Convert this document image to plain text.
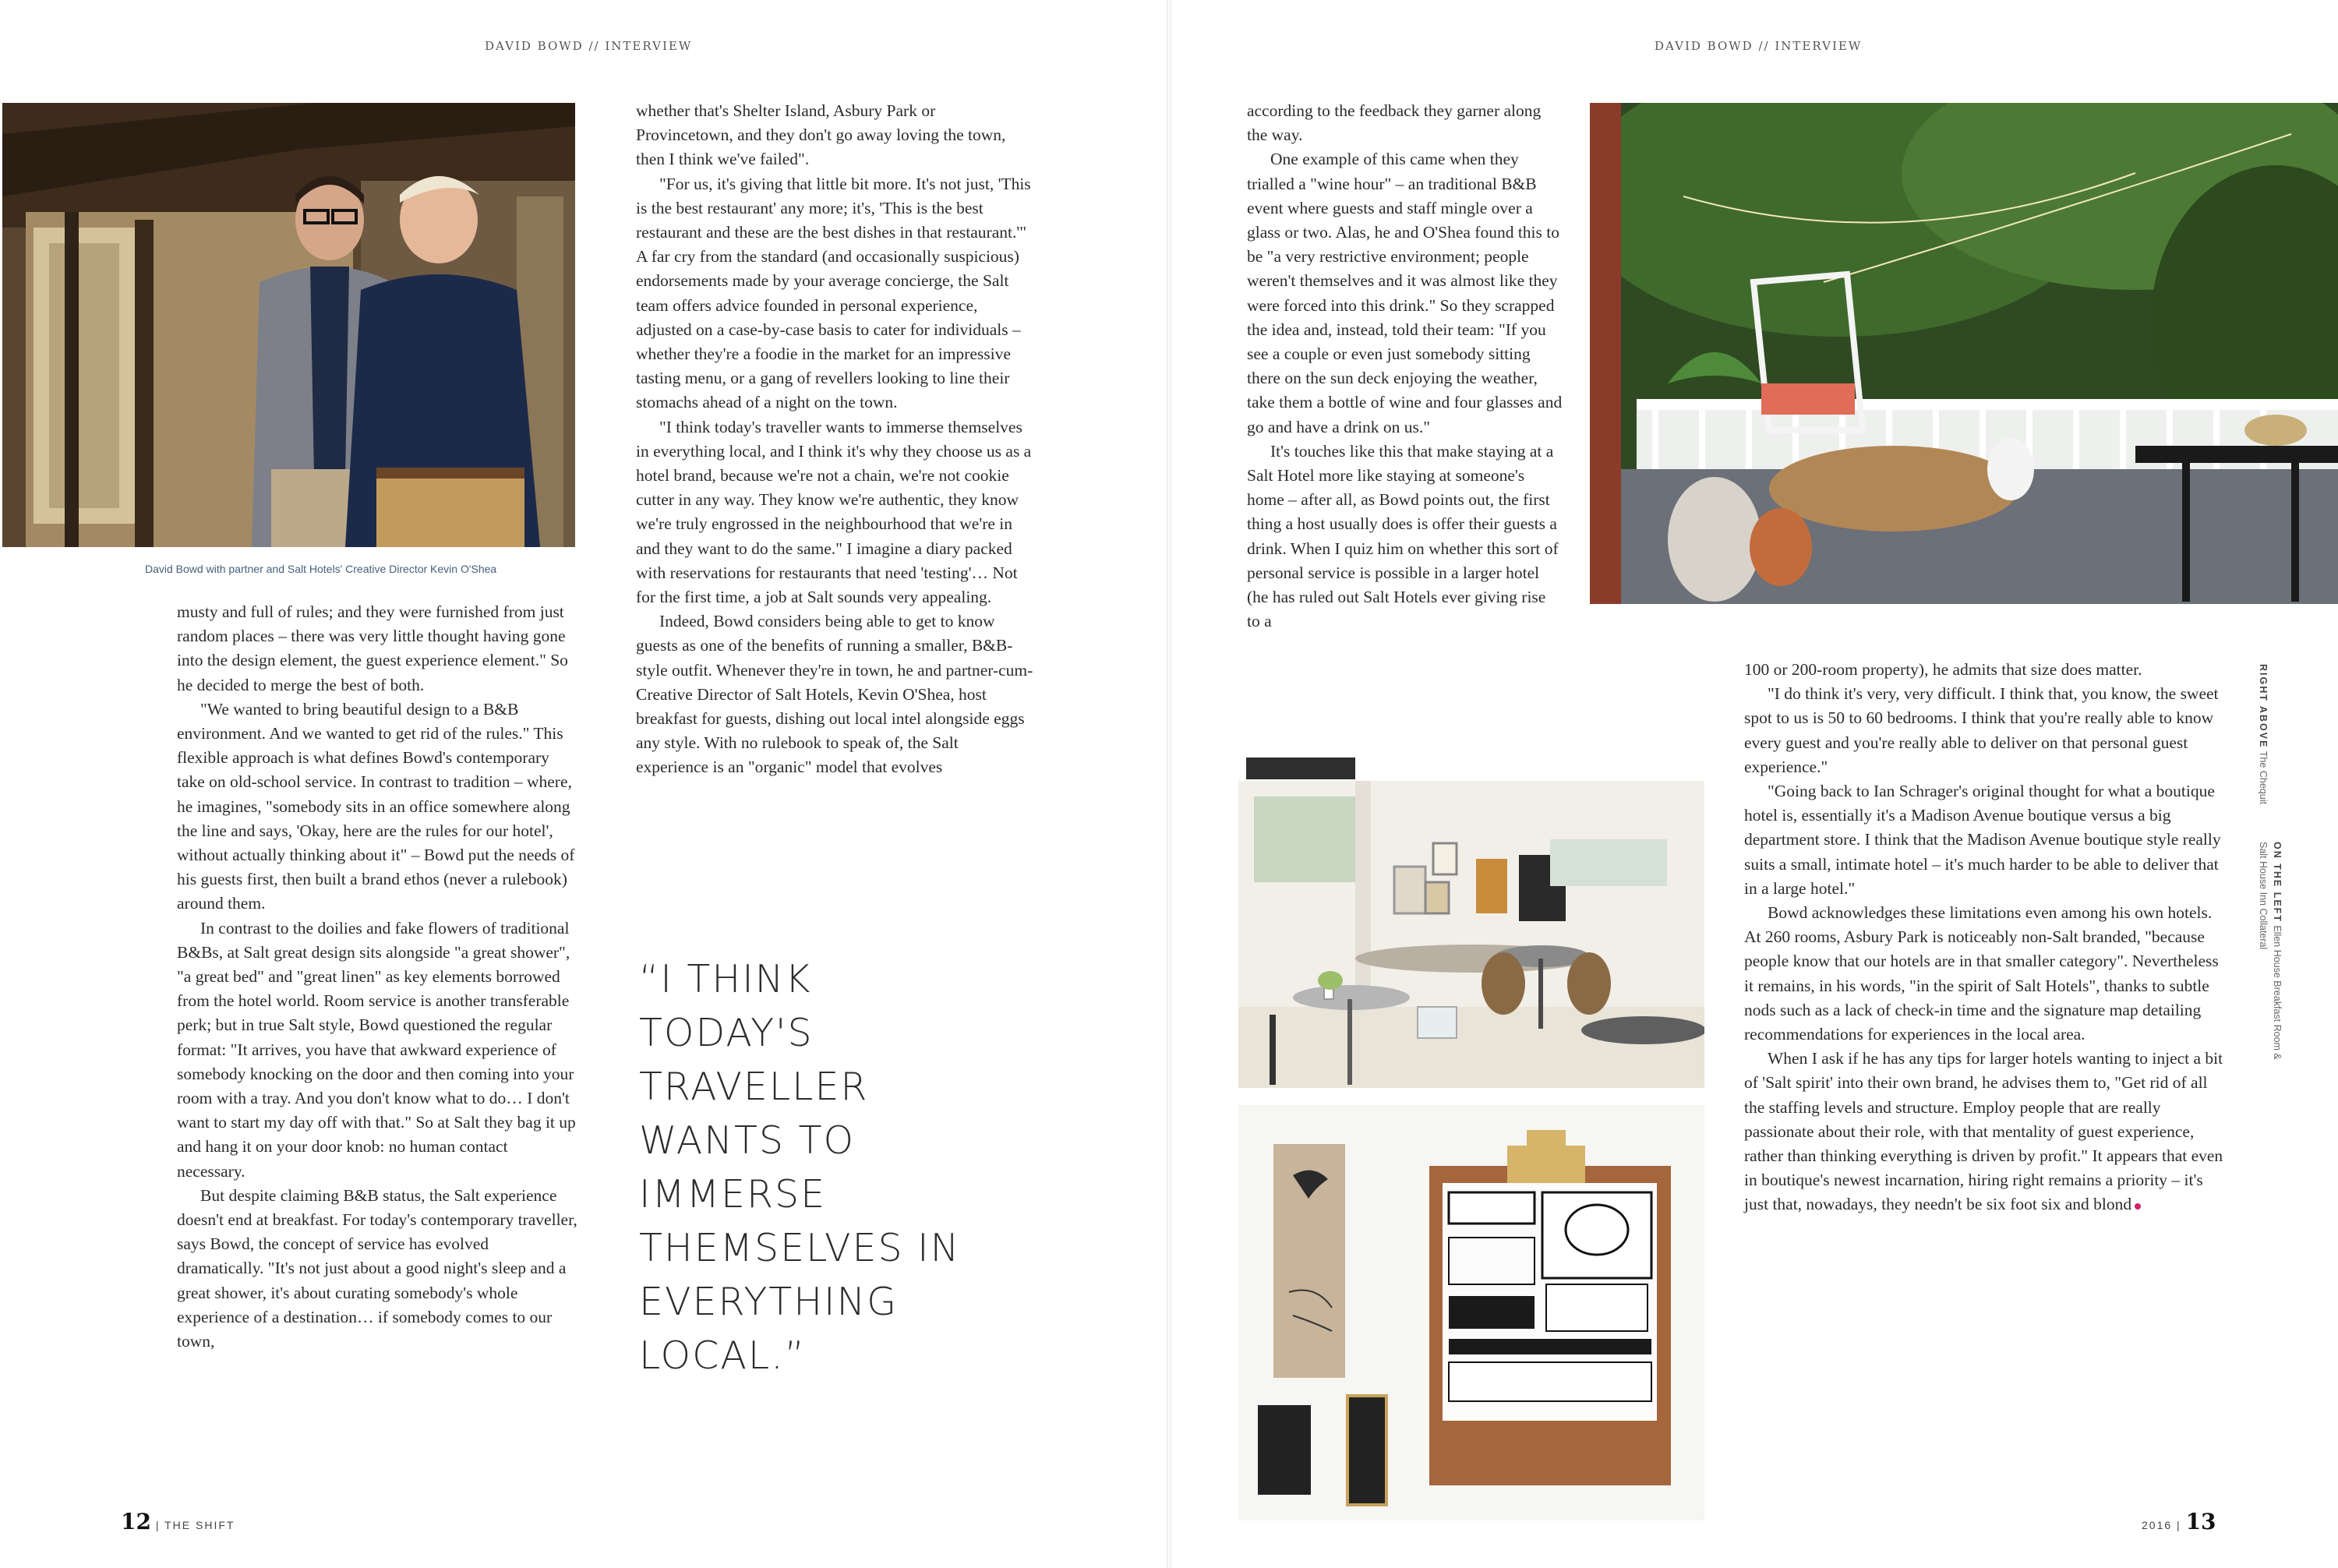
DAVID BOWD // INTERVIEW	DAVID BOWD // INTERVIEW
David Bowd with partner and Salt Hotels' Creative Director Kevin O'Shea

musty and full of rules; and they were furnished from just random places – there was very little thought having gone into the design element, the guest experience element." So he decided to merge the best of both.

"We wanted to bring beautiful design to a B&B environment. And we wanted to get rid of the rules." This flexible approach is what defines Bowd's contemporary take on old-school service. In contrast to tradition – where, he imagines, "somebody sits in an office somewhere along the line and says, 'Okay, here are the rules for our hotel', without actually thinking about it" – Bowd put the needs of his guests first, then built a brand ethos (never a rulebook) around them.

In contrast to the doilies and fake flowers of traditional B&Bs, at Salt great design sits alongside "a great shower", "a great bed" and "great linen" as key elements borrowed from the hotel world. Room service is another transferable perk; but in true Salt style, Bowd questioned the regular format: "It arrives, you have that awkward experience of somebody knocking on the door and then coming into your room with a tray. And you don't know what to do… I don't want to start my day off with that." So at Salt they bag it up and hang it on your door knob: no human contact necessary.

But despite claiming B&B status, the Salt experience doesn't end at breakfast. For today's contemporary traveller, says Bowd, the concept of service has evolved dramatically. "It's not just about a good night's sleep and a great shower, it's about curating somebody's whole experience of a destination… if somebody comes to our town,

whether that's Shelter Island, Asbury Park or Provincetown, and they don't go away loving the town, then I think we've failed".

"For us, it's giving that little bit more. It's not just, 'This is the best restaurant' any more; it's, 'This is the best restaurant and these are the best dishes in that restaurant.'" A far cry from the standard (and occasionally suspicious) endorsements made by your average concierge, the Salt team offers advice founded in personal experience, adjusted on a case-by-case basis to cater for individuals – whether they're a foodie in the market for an impressive tasting menu, or a gang of revellers looking to line their stomachs ahead of a night on the town.

"I think today's traveller wants to immerse themselves in everything local, and I think it's why they choose us as a hotel brand, because we're not a chain, we're not cookie cutter in any way. They know we're authentic, they know we're truly engrossed in the neighbourhood that we're in and they want to do the same." I imagine a diary packed with reservations for restaurants that need 'testing'… Not for the first time, a job at Salt sounds very appealing.

Indeed, Bowd considers being able to get to know guests as one of the benefits of running a smaller, B&B-style outfit. Whenever they're in town, he and partner-cum-Creative Director of Salt Hotels, Kevin O'Shea, host breakfast for guests, dishing out local intel alongside eggs any style. With no rulebook to speak of, the Salt experience is an "organic" model that evolves

“I THINK TODAY'S TRAVELLER WANTS TO IMMERSE THEMSELVES IN EVERYTHING LOCAL.”
12 | THE SHIFT

according to the feedback they garner along the way.

One example of this came when they trialled a "wine hour" – an traditional B&B event where guests and staff mingle over a glass or two. Alas, he and O'Shea found this to be "a very restrictive environment; people weren't themselves and it was almost like they were forced into this drink." So they scrapped the idea and, instead, told their team: "If you see a couple or even just somebody sitting there on the sun deck enjoying the weather, take them a bottle of wine and four glasses and go and have a drink on us."

It's touches like this that make staying at a Salt Hotel more like staying at someone's home – after all, as Bowd points out, the first thing a host usually does is offer their guests a drink. When I quiz him on whether this sort of personal service is possible in a larger hotel (he has ruled out Salt Hotels ever giving rise to a

100 or 200-room property), he admits that size does matter.

"I do think it's very, very difficult. I think that, you know, the sweet spot to us is 50 to 60 bedrooms. I think that you're really able to know every guest and you're really able to deliver on that personal guest experience."

"Going back to Ian Schrager's original thought for what a boutique hotel is, essentially it's a Madison Avenue boutique versus a big department store. I think that the Madison Avenue boutique style really suits a small, intimate hotel – it's much harder to be able to deliver that in a large hotel."

Bowd acknowledges these limitations even among his own hotels. At 260 rooms, Asbury Park is noticeably non-Salt branded, "because people know that our hotels are in that smaller category". Nevertheless it remains, in his words, "in the spirit of Salt Hotels", thanks to subtle nods such as a lack of check-in time and the signature map detailing recommendations for experiences in the local area.

When I ask if he has any tips for larger hotels wanting to inject a bit of 'Salt spirit' into their own brand, he advises them to, "Get rid of all the staffing levels and structure. Employ people that are really passionate about their role, with that mentality of guest experience, rather than thinking everything is driven by profit." It appears that even in boutique's newest incarnation, hiring right remains a priority – it's just that, nowadays, they needn't be six foot six and blond

RIGHT ABOVE The Chequit
ON THE LEFT Ellen House Breakfast Room & Salt House Inn Collateral
2016 | 13
